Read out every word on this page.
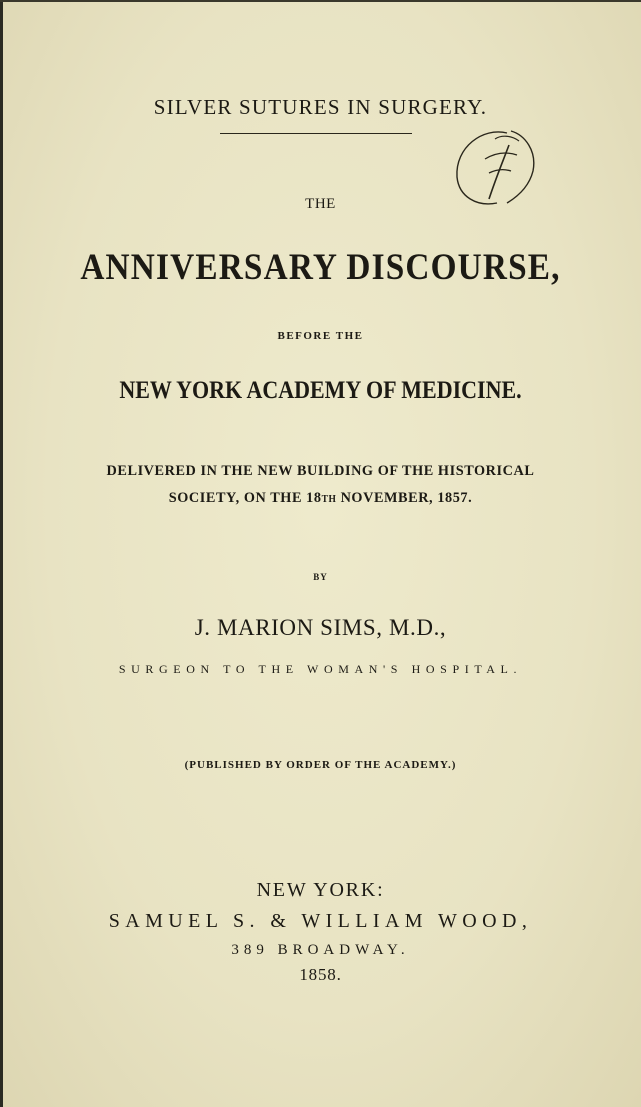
SILVER SUTURES IN SURGERY.
THE
ANNIVERSARY DISCOURSE,
BEFORE THE
NEW YORK ACADEMY OF MEDICINE.
DELIVERED IN THE NEW BUILDING OF THE HISTORICAL
SOCIETY, ON THE 18TH NOVEMBER, 1857.
BY
J. MARION SIMS, M.D.,
SURGEON TO THE WOMAN'S HOSPITAL.
(PUBLISHED BY ORDER OF THE ACADEMY.)
NEW YORK:
SAMUEL S. & WILLIAM WOOD,
389 BROADWAY.
1858.
